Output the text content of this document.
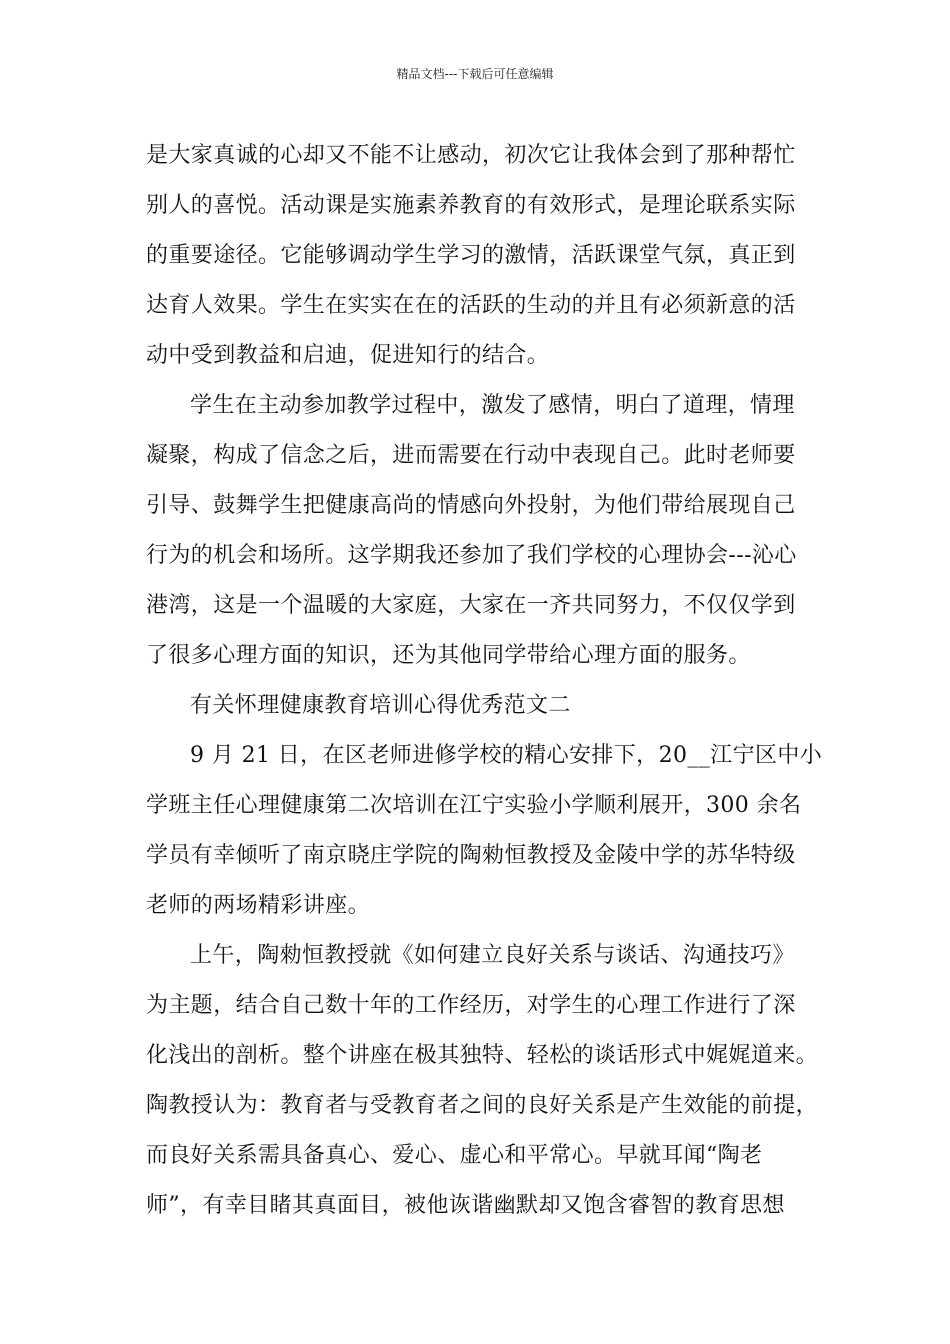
精品文档---下载后可任意编辑
是大家真诚的心却又不能不让感动，初次它让我体会到了那种帮忙
别人的喜悦。活动课是实施素养教育的有效形式，是理论联系实际
的重要途径。它能够调动学生学习的激情，活跃课堂气氛，真正到
达育人效果。学生在实实在在的活跃的生动的并且有必须新意的活
动中受到教益和启迪，促进知行的结合。
学生在主动参加教学过程中，激发了感情，明白了道理，情理
凝聚，构成了信念之后，进而需要在行动中表现自己。此时老师要
引导、鼓舞学生把健康高尚的情感向外投射，为他们带给展现自己
行为的机会和场所。这学期我还参加了我们学校的心理协会---沁心
港湾，这是一个温暖的大家庭，大家在一齐共同努力，不仅仅学到
了很多心理方面的知识，还为其他同学带给心理方面的服务。
有关怀理健康教育培训心得优秀范文二
9 月 21 日，在区老师进修学校的精心安排下，20__江宁区中小
学班主任心理健康第二次培训在江宁实验小学顺利展开，300 余名
学员有幸倾听了南京晓庄学院的陶勑恒教授及金陵中学的苏华特级
老师的两场精彩讲座。
上午，陶勑恒教授就《如何建立良好关系与谈话、沟通技巧》
为主题，结合自己数十年的工作经历，对学生的心理工作进行了深
化浅出的剖析。整个讲座在极其独特、轻松的谈话形式中娓娓道来。
陶教授认为：教育者与受教育者之间的良好关系是产生效能的前提，
而良好关系需具备真心、爱心、虚心和平常心。早就耳闻“陶老
师”，有幸目睹其真面目，被他诙谐幽默却又饱含睿智的教育思想
